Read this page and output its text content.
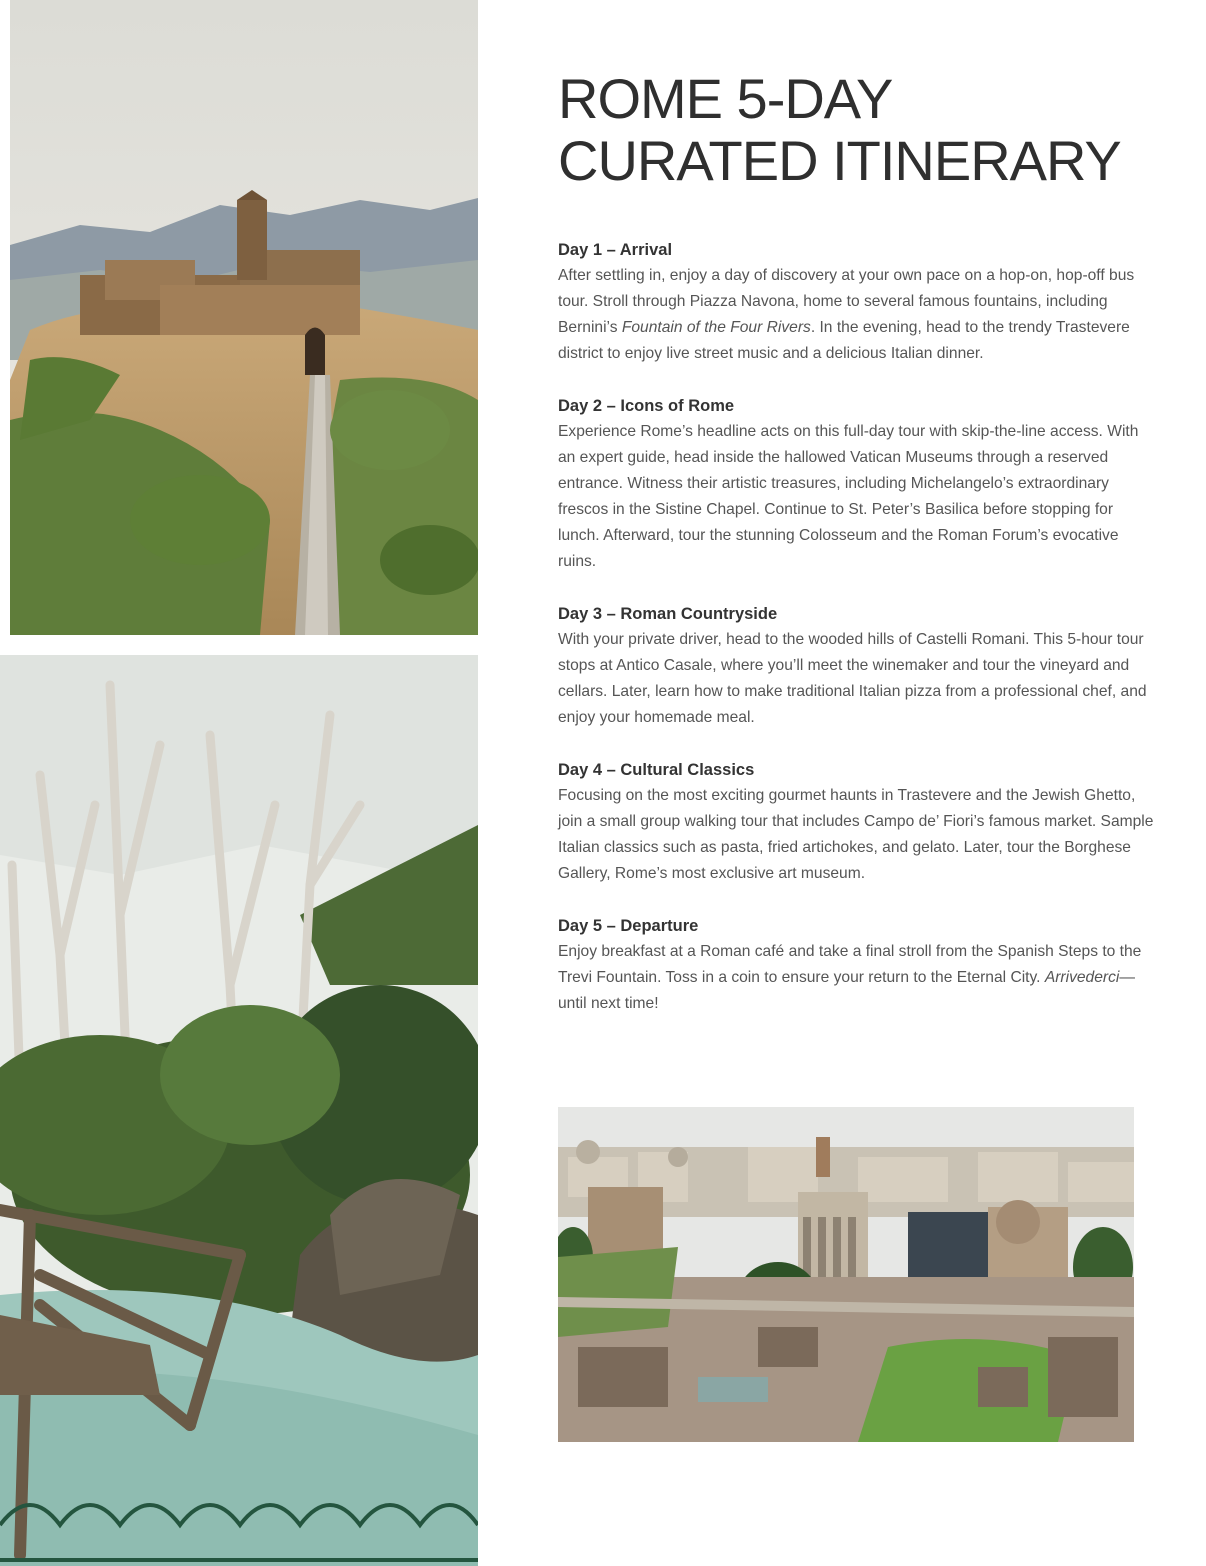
ROME 5-DAY
CURATED ITINERARY
Day 1 – Arrival

After settling in, enjoy a day of discovery at your own pace on a hop-on, hop-off bus tour. Stroll through Piazza Navona, home to several famous fountains, including Bernini’s Fountain of the Four Rivers. In the evening, head to the trendy Trastevere district to enjoy live street music and a delicious Italian dinner.

Day 2 – Icons of Rome

Experience Rome’s headline acts on this full-day tour with skip-the-line access. With an expert guide, head inside the hallowed Vatican Museums through a reserved entrance. Witness their artistic treasures, including Michelangelo’s extraordinary frescos in the Sistine Chapel. Continue to St. Peter’s Basilica before stopping for lunch. Afterward, tour the stunning Colosseum and the Roman Forum’s evocative ruins.

Day 3 – Roman Countryside

With your private driver, head to the wooded hills of Castelli Romani. This 5-hour tour stops at Antico Casale, where you’ll meet the winemaker and tour the vineyard and cellars. Later, learn how to make traditional Italian pizza from a professional chef, and enjoy your homemade meal.

Day 4 – Cultural Classics

Focusing on the most exciting gourmet haunts in Trastevere and the Jewish Ghetto, join a small group walking tour that includes Campo de’ Fiori’s famous market. Sample Italian classics such as pasta, fried artichokes, and gelato. Later, tour the Borghese Gallery, Rome’s most exclusive art museum.

Day 5 – Departure

Enjoy breakfast at a Roman café and take a final stroll from the Spanish Steps to the Trevi Fountain. Toss in a coin to ensure your return to the Eternal City. Arrivederci—until next time!
